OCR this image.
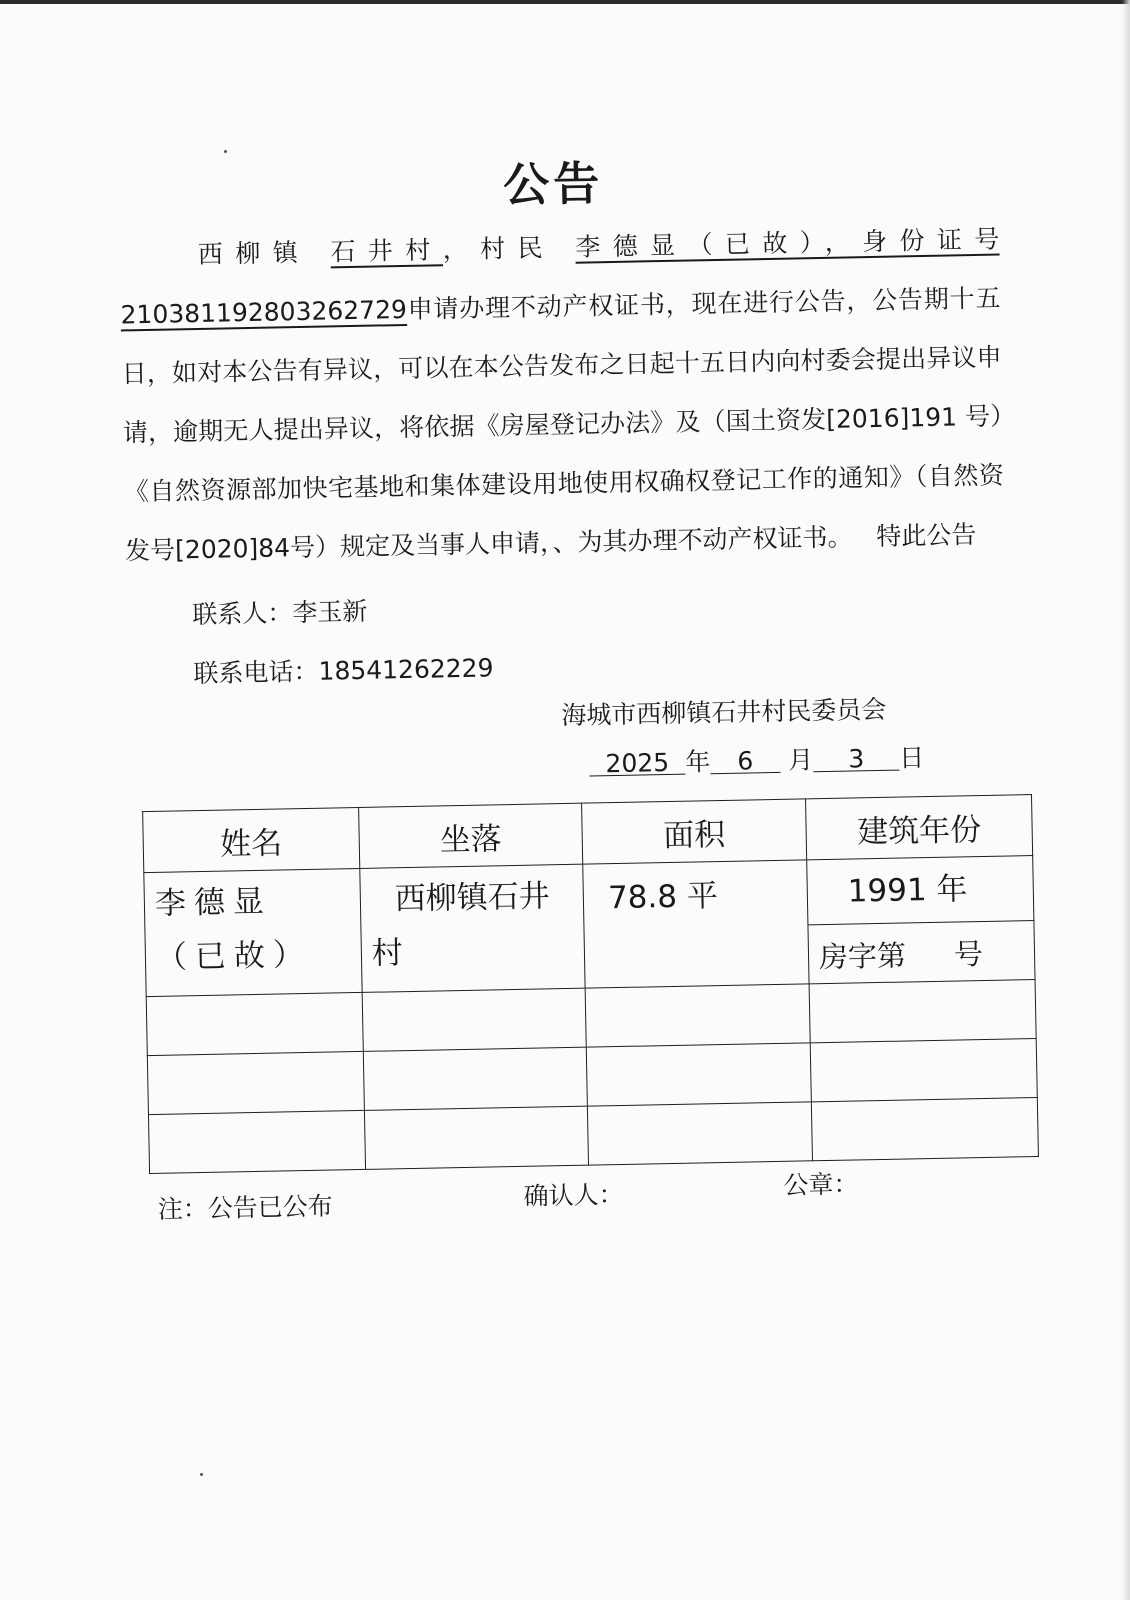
公告
西柳镇 石井村，村民 李德显（已故），身份证号 210381192803262729申请办理不动产权证书，现在进行公告，公告期十五日，如对本公告有异议，可以在本公告发布之日起十五日内向村委会提出异议申请，逾期无人提出异议，将依据《房屋登记办法》及（国土资发[2016]191 号）《自然资源部加快宅基地和集体建设用地使用权确权登记工作的通知》（自然资发号[2020]84号）规定及当事人申请，、为其办理不动产权证书。 特此公告
联系人：李玉新
联系电话：18541262229
海城市西柳镇石井村民委员会
2025 年 6 月 3 日
姓名	坐落	面积	建筑年份
李德显（已故）	西柳镇石井村	78.8 平	1991 年
			房字第 号

注：公告已公布	确认人：	公章：
